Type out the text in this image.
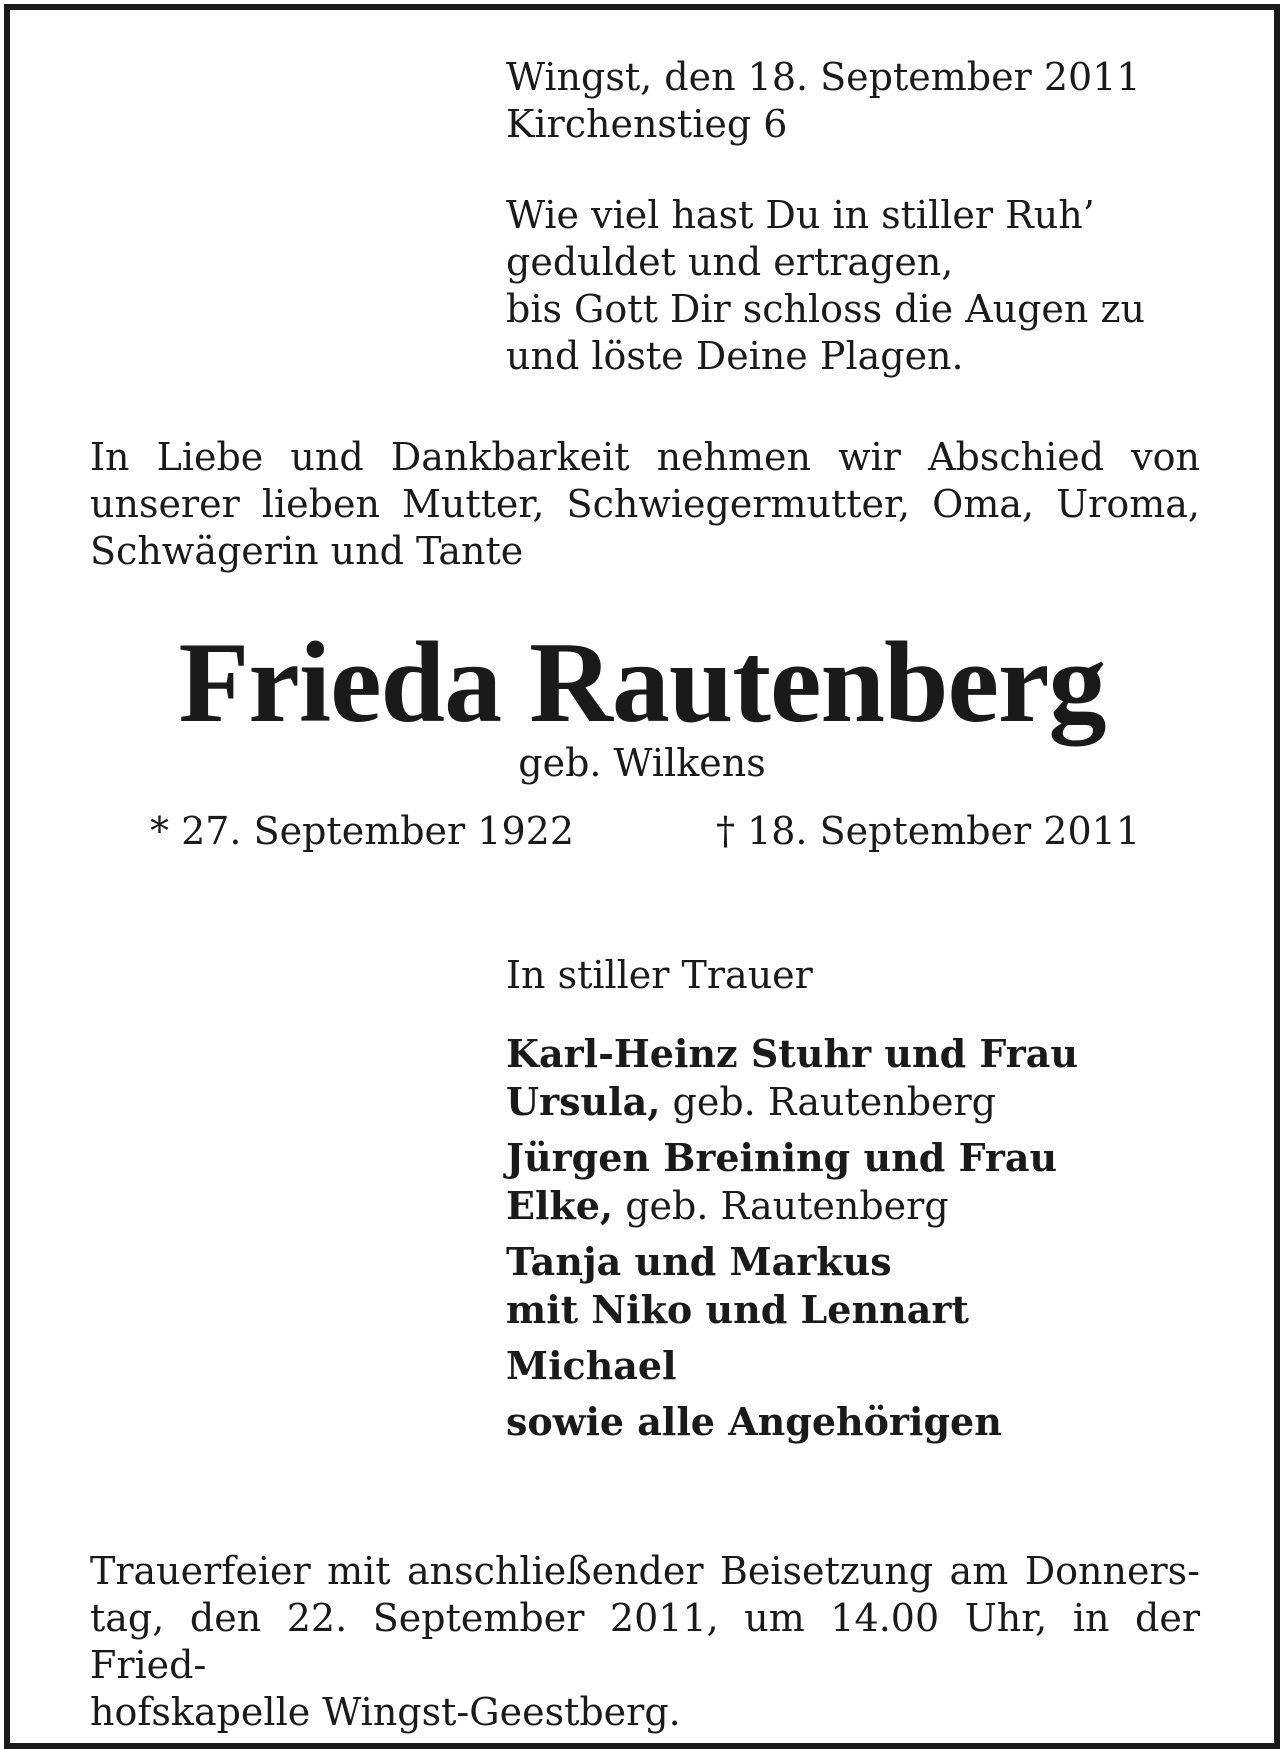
Wingst, den 18. September 2011

Kirchenstieg 6

Wie viel hast Du in stiller Ruh’

geduldet und ertragen,

bis Gott Dir schloss die Augen zu

und löste Deine Plagen.

In Liebe und Dankbarkeit nehmen wir Abschied von
unserer lieben Mutter, Schwiegermutter, Oma, Uroma,
Schwägerin und Tante
Frieda Rautenberg

geb. Wilkens

* 27. September 1922	† 18. September 2011

In stiller Trauer

Karl-Heinz Stuhr und Frau
Ursula, geb. Rautenberg
Jürgen Breining und Frau
Elke, geb. Rautenberg
Tanja und Markus
mit Niko und Lennart
Michael
sowie alle Angehörigen
Trauerfeier mit anschließender Beisetzung am Donners-
tag, den 22. September 2011, um 14.00 Uhr, in der Fried-
hofskapelle Wingst-Geestberg.
